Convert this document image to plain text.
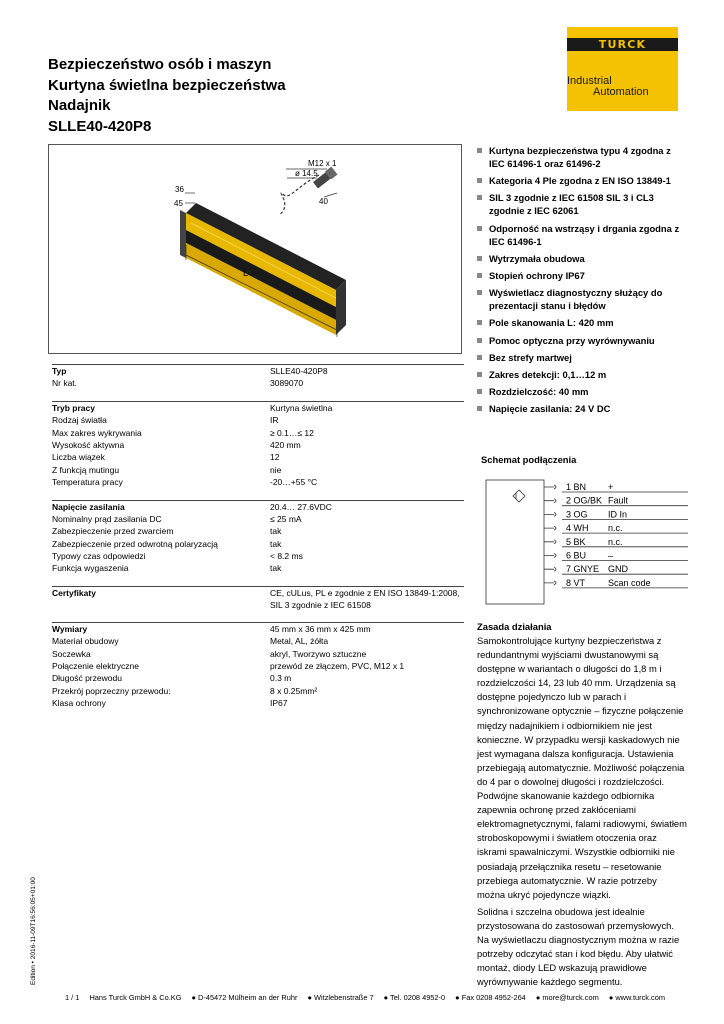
Bezpieczeństwo osób i maszyn
Kurtyna świetlna bezpieczeństwa
Nadajnik
SLLE40-420P8
TURCK
Industrial
Automation
M12 x 1
ø 14.5
36
45	40
L
Typ	SLLE40-420P8
Nr kat.	3089070
Tryb pracy	Kurtyna świetlna
Rodzaj światła	IR
Max zakres wykrywania	≥ 0.1…≤ 12
Wysokość aktywna	420 mm
Liczba wiązek	12
Z funkcją mutingu	nie
Temperatura pracy	-20…+55 °C
Napięcie zasilania	20.4… 27.6VDC
Nominalny prąd zasilania DC	≤ 25 mA
Zabezpieczenie przed zwarciem	tak
Zabezpieczenie przed odwrotną polaryzacją	tak
Typowy czas odpowiedzi	< 8.2 ms
Funkcja wygaszenia	tak
Certyfikaty	CE, cULus, PL e zgodnie z EN ISO 13849-1:2008,
SIL 3 zgodnie z IEC 61508
Wymiary	45 mm x 36 mm x 425 mm
Materiał obudowy	Metal, AL, żółta
Soczewka	akryl, Tworzywo sztuczne
Połączenie elektryczne	przewód ze złączem, PVC, M12 x 1
Długość przewodu	0.3 m
Przekrój poprzeczny przewodu:	8 x 0.25mm²
Klasa ochrony	IP67
Kurtyna bezpieczeństwa typu 4 zgodna z IEC 61496-1 oraz 61496-2
Kategoria 4 Ple zgodna z EN ISO 13849-1
SIL 3 zgodnie z IEC 61508 SIL 3 i CL3 zgodnie z IEC 62061
Odporność na wstrząsy i drgania zgodna z IEC 61496-1
Wytrzymała obudowa
Stopień ochrony IP67
Wyświetlacz diagnostyczny służący do prezentacji stanu i błędów
Pole skanowania L: 420 mm
Pomoc optyczna przy wyrównywaniu
Bez strefy martwej
Zakres detekcji: 0,1…12 m
Rozdzielczość: 40 mm
Napięcie zasilania: 24 V DC
Schemat podłączenia
1 BN +
2 OG/BK Fault
3 OG ID In
4 WH n.c.
5 BK n.c.
6 BU –
7 GNYE GND
8 VT	Scan code
Zasada działania

Samokontrolujące kurtyny bezpieczeństwa z redundantnymi wyjściami dwustanowymi są dostępne w wariantach o długości do 1,8 m i rozdzielczości 14, 23 lub 40 mm. Urządzenia są dostępne pojedynczo lub w parach i synchronizowane optycznie – fizyczne połączenie między nadajnikiem i odbiornikiem nie jest konieczne. W przypadku wersji kaskadowych nie jest wymagana dalsza konfiguracja. Ustawienia przebiegają automatycznie. Możliwość połączenia do 4 par o dowolnej długości i rozdzielczości. Podwójne skanowanie każdego odbiornika zapewnia ochronę przed zakłóceniami elektromagnetycznymi, falami radiowymi, światłem stroboskopowymi i światłem otoczenia oraz iskrami spawalniczymi. Wszystkie odbiorniki nie posiadają przełącznika resetu – resetowanie przebiega automatycznie. W razie potrzeby można ukryć pojedyncze wiązki.

Solidna i szczelna obudowa jest idealnie przystosowana do zastosowań przemysłowych. Na wyświetlaczu diagnostycznym można w razie potrzeby odczytać stan i kod błędu. Aby ułatwić montaż, diody LED wskazują prawidłowe wyrównywanie każdego segmentu.

1 / 1 Hans Turck GmbH & Co.KG ● D-45472 Mülheim an der Ruhr ● Witzlebenstraße 7 ● Tel. 0208 4952-0 ● Fax 0208 4952-264 ● more@turck.com ● www.turck.com
Edition • 2016-11-09T16:56:05+01:00
